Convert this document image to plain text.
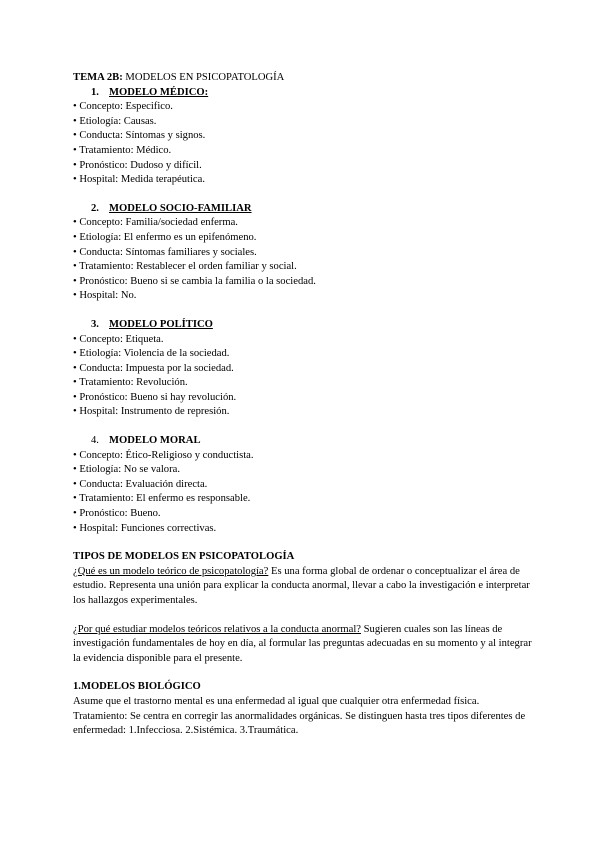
TEMA 2B: MODELOS EN PSICOPATOLOGÍA

1. MODELO MÉDICO:
• Concepto: Especifico.
• Etiología: Causas.
• Conducta: Síntomas y signos.
• Tratamiento: Médico.
• Pronóstico: Dudoso y difícil.
• Hospital: Medida terapéutica.
2. MODELO SOCIO-FAMILIAR
• Concepto: Familia/sociedad enferma.
• Etiología: El enfermo es un epifenómeno.
• Conducta: Síntomas familiares y sociales.
• Tratamiento: Restablecer el orden familiar y social.
• Pronóstico: Bueno si se cambia la familia o la sociedad.
• Hospital: No.
3. MODELO POLÍTICO
• Concepto: Etiqueta.
• Etiología: Violencia de la sociedad.
• Conducta: Impuesta por la sociedad.
• Tratamiento: Revolución.
• Pronóstico: Bueno si hay revolución.
• Hospital: Instrumento de represión.
4. MODELO MORAL
• Concepto: Ético-Religioso y conductista.
• Etiología: No se valora.
• Conducta: Evaluación directa.
• Tratamiento: El enfermo es responsable.
• Pronóstico: Bueno.
• Hospital: Funciones correctivas.

TIPOS DE MODELOS EN PSICOPATOLOGÍA

¿Qué es un modelo teórico de psicopatología? Es una forma global de ordenar o conceptualizar el área de estudio. Representa una unión para explicar la conducta anormal, llevar a cabo la investigación e interpretar los hallazgos experimentales.

¿Por qué estudiar modelos teóricos relativos a la conducta anormal? Sugieren cuales son las líneas de investigación fundamentales de hoy en día, al formular las preguntas adecuadas en su momento y al integrar la evidencia disponible para el presente.

1.MODELOS BIOLÓGICO

Asume que el trastorno mental es una enfermedad al igual que cualquier otra enfermedad física.

Tratamiento: Se centra en corregir las anormalidades orgánicas. Se distinguen hasta tres tipos diferentes de enfermedad: 1.Infecciosa. 2.Sistémica. 3.Traumática.
